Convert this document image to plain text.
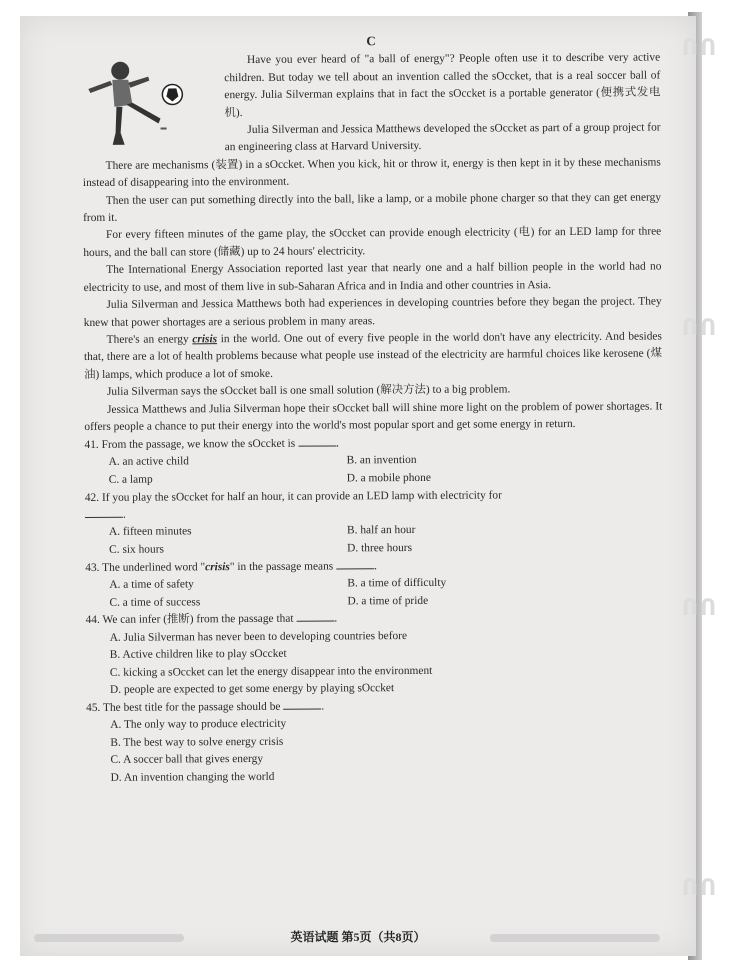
ՈՈ
ՈՈ
ՈՈ
ՈՈ
C

Have you ever heard of "a ball of energy"? People often use it to describe very active children. But today we tell about an invention called the sOccket, that is a real soccer ball of energy. Julia Silverman explains that in fact the sOccket is a portable generator (便携式发电机).

Julia Silverman and Jessica Matthews developed the sOccket as part of a group project for an engineering class at Harvard University.

There are mechanisms (装置) in a sOccket. When you kick, hit or throw it, energy is then kept in it by these mechanisms instead of disappearing into the environment.

Then the user can put something directly into the ball, like a lamp, or a mobile phone charger so that they can get energy from it.

For every fifteen minutes of the game play, the sOccket can provide enough electricity (电) for an LED lamp for three hours, and the ball can store (储藏) up to 24 hours' electricity.

The International Energy Association reported last year that nearly one and a half billion people in the world had no electricity to use, and most of them live in sub-Saharan Africa and in India and other countries in Asia.

Julia Silverman and Jessica Matthews both had experiences in developing countries before they began the project. They knew that power shortages are a serious problem in many areas.

There's an energy crisis in the world. One out of every five people in the world don't have any electricity. And besides that, there are a lot of health problems because what people use instead of the electricity are harmful choices like kerosene (煤油) lamps, which produce a lot of smoke.

Julia Silverman says the sOccket ball is one small solution (解决方法) to a big problem.

Jessica Matthews and Julia Silverman hope their sOccket ball will shine more light on the problem of power shortages. It offers people a chance to put their energy into the world's most popular sport and get some energy in return.

41. From the passage, we know the sOccket is	.
A. an active child	B. an invention
C. a lamp	D. a mobile phone
42. If you play the sOccket for half an hour, it can provide an LED lamp with electricity for
.
A. fifteen minutes	B. half an hour
C. six hours	D. three hours
43. The underlined word "crisis" in the passage means	.
A. a time of safety	B. a time of difficulty
C. a time of success	D. a time of pride
44. We can infer (推断) from the passage that	.
A. Julia Silverman has never been to developing countries before
B. Active children like to play sOccket
C. kicking a sOccket can let the energy disappear into the environment
D. people are expected to get some energy by playing sOccket
45. The best title for the passage should be	.
A. The only way to produce electricity
B. The best way to solve energy crisis
C. A soccer ball that gives energy
D. An invention changing the world
英语试题 第5页（共8页）
